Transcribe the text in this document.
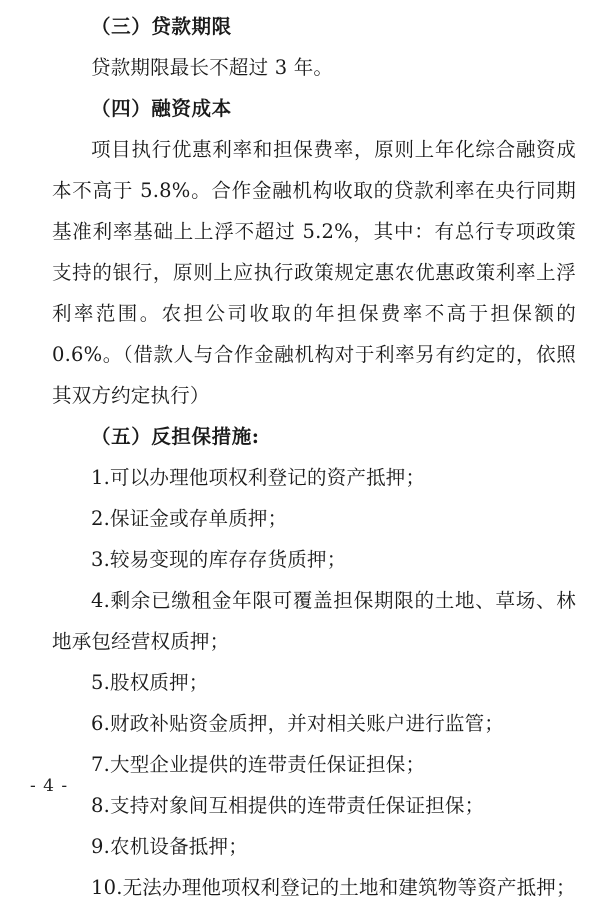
（三）贷款期限

贷款期限最长不超过 3 年。

（四）融资成本

项目执行优惠利率和担保费率，原则上年化综合融资成本不高于 5.8%。合作金融机构收取的贷款利率在央行同期基准利率基础上上浮不超过 5.2%，其中：有总行专项政策支持的银行，原则上应执行政策规定惠农优惠政策利率上浮利率范围。农担公司收取的年担保费率不高于担保额的 0.6%。（借款人与合作金融机构对于利率另有约定的，依照其双方约定执行）

（五）反担保措施:

1.可以办理他项权利登记的资产抵押；

2.保证金或存单质押；

3.较易变现的库存存货质押；

4.剩余已缴租金年限可覆盖担保期限的土地、草场、林地承包经营权质押；

5.股权质押；

6.财政补贴资金质押，并对相关账户进行监管；

7.大型企业提供的连带责任保证担保；

8.支持对象间互相提供的连带责任保证担保；

9.农机设备抵押；

10.无法办理他项权利登记的土地和建筑物等资产抵押；

- 4 -
